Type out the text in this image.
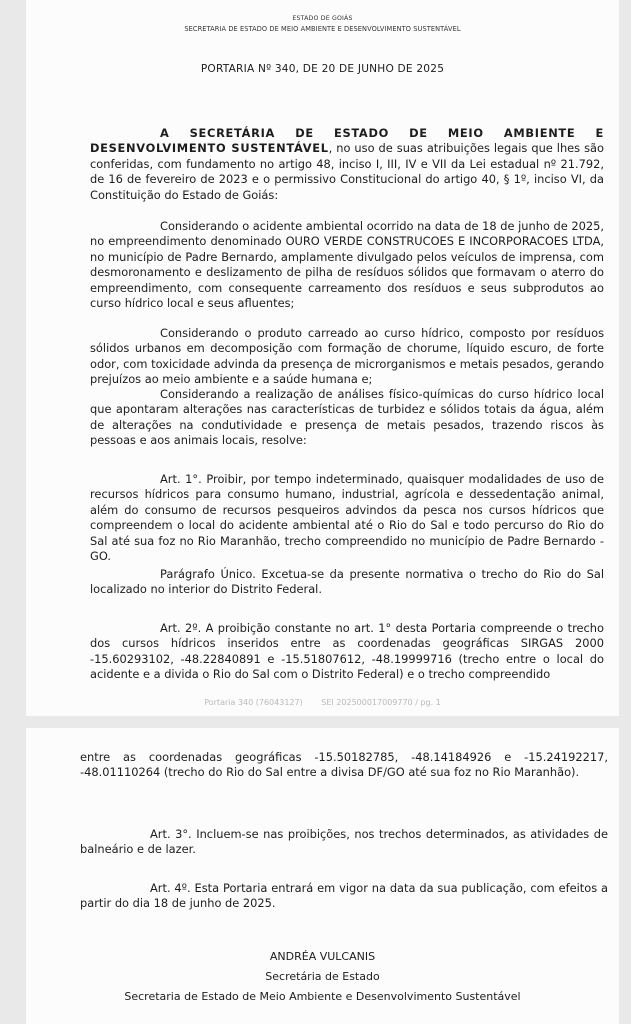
ESTADO DE GOIÁS
SECRETARIA DE ESTADO DE MEIO AMBIENTE E DESENVOLVIMENTO SUSTENTÁVEL
PORTARIA Nº 340, DE 20 DE JUNHO DE 2025

A SECRETÁRIA DE ESTADO DE MEIO AMBIENTE E DESENVOLVIMENTO SUSTENTÁVEL, no uso de suas atribuições legais que lhes são conferidas, com fundamento no artigo 48, inciso I, III, IV e VII da Lei estadual nº 21.792, de 16 de fevereiro de 2023 e o permissivo Constitucional do artigo 40, § 1º, inciso VI, da Constituição do Estado de Goiás:

Considerando o acidente ambiental ocorrido na data de 18 de junho de 2025, no empreendimento denominado OURO VERDE CONSTRUCOES E INCORPORACOES LTDA, no município de Padre Bernardo, amplamente divulgado pelos veículos de imprensa, com desmoronamento e deslizamento de pilha de resíduos sólidos que formavam o aterro do empreendimento, com consequente carreamento dos resíduos e seus subprodutos ao curso hídrico local e seus afluentes;

Considerando o produto carreado ao curso hídrico, composto por resíduos sólidos urbanos em decomposição com formação de chorume, líquido escuro, de forte odor, com toxicidade advinda da presença de microrganismos e metais pesados, gerando prejuízos ao meio ambiente e a saúde humana e;

Considerando a realização de análises físico-químicas do curso hídrico local que apontaram alterações nas características de turbidez e sólidos totais da água, além de alterações na condutividade e presença de metais pesados, trazendo riscos às pessoas e aos animais locais, resolve:

Art. 1°. Proibir, por tempo indeterminado, quaisquer modalidades de uso de recursos hídricos para consumo humano, industrial, agrícola e dessedentação animal, além do consumo de recursos pesqueiros advindos da pesca nos cursos hídricos que compreendem o local do acidente ambiental até o Rio do Sal e todo percurso do Rio do Sal até sua foz no Rio Maranhão, trecho compreendido no município de Padre Bernardo - GO.

Parágrafo Único. Excetua-se da presente normativa o trecho do Rio do Sal localizado no interior do Distrito Federal.

Art. 2º. A proibição constante no art. 1° desta Portaria compreende o trecho dos cursos hídricos inseridos entre as coordenadas geográficas SIRGAS 2000 -15.60293102, -48.22840891 e -15.51807612, -48.19999716 (trecho entre o local do acidente e a divida o Rio do Sal com o Distrito Federal) e o trecho compreendido

Portaria 340 (76043127) SEI 202500017009770 / pg. 1

entre as coordenadas geográficas -15.50182785, -48.14184926 e -15.24192217, -48.01110264 (trecho do Rio do Sal entre a divisa DF/GO até sua foz no Rio Maranhão).

Art. 3°. Incluem-se nas proibições, nos trechos determinados, as atividades de balneário e de lazer.

Art. 4º. Esta Portaria entrará em vigor na data da sua publicação, com efeitos a partir do dia 18 de junho de 2025.

ANDRÉA VULCANIS
Secretária de Estado
Secretaria de Estado de Meio Ambiente e Desenvolvimento Sustentável
